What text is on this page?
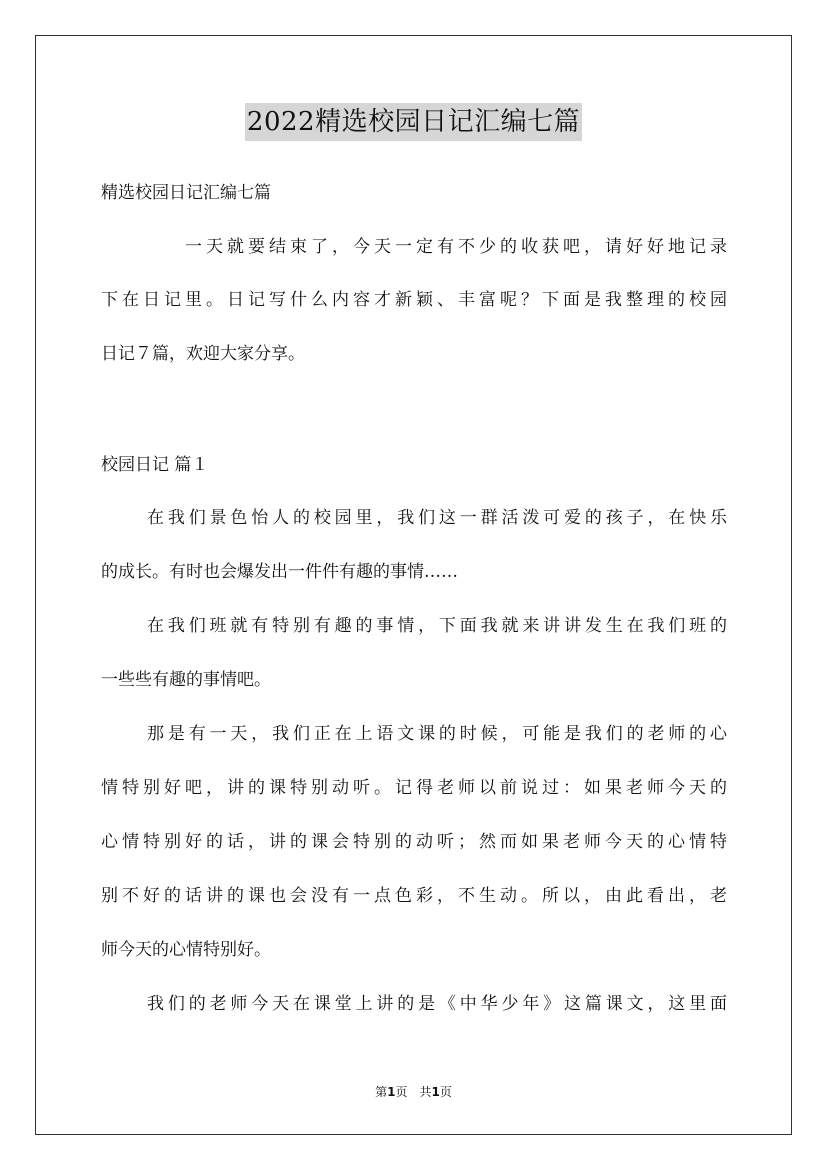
2022精选校园日记汇编七篇
精选校园日记汇编七篇
一天就要结束了，今天一定有不少的收获吧，请好好地记录
下在日记里。日记写什么内容才新颖、丰富呢？下面是我整理的校园
日记７篇，欢迎大家分享。
校园日记 篇１
在我们景色怡人的校园里，我们这一群活泼可爱的孩子，在快乐
的成长。有时也会爆发出一件件有趣的事情……
在我们班就有特别有趣的事情，下面我就来讲讲发生在我们班的
一些些有趣的事情吧。
那是有一天，我们正在上语文课的时候，可能是我们的老师的心
情特别好吧，讲的课特别动听。记得老师以前说过：如果老师今天的
心情特别好的话，讲的课会特别的动听；然而如果老师今天的心情特
别不好的话讲的课也会没有一点色彩，不生动。所以，由此看出，老
师今天的心情特别好。
我们的老师今天在课堂上讲的是《中华少年》这篇课文，这里面
第1页 共1页
